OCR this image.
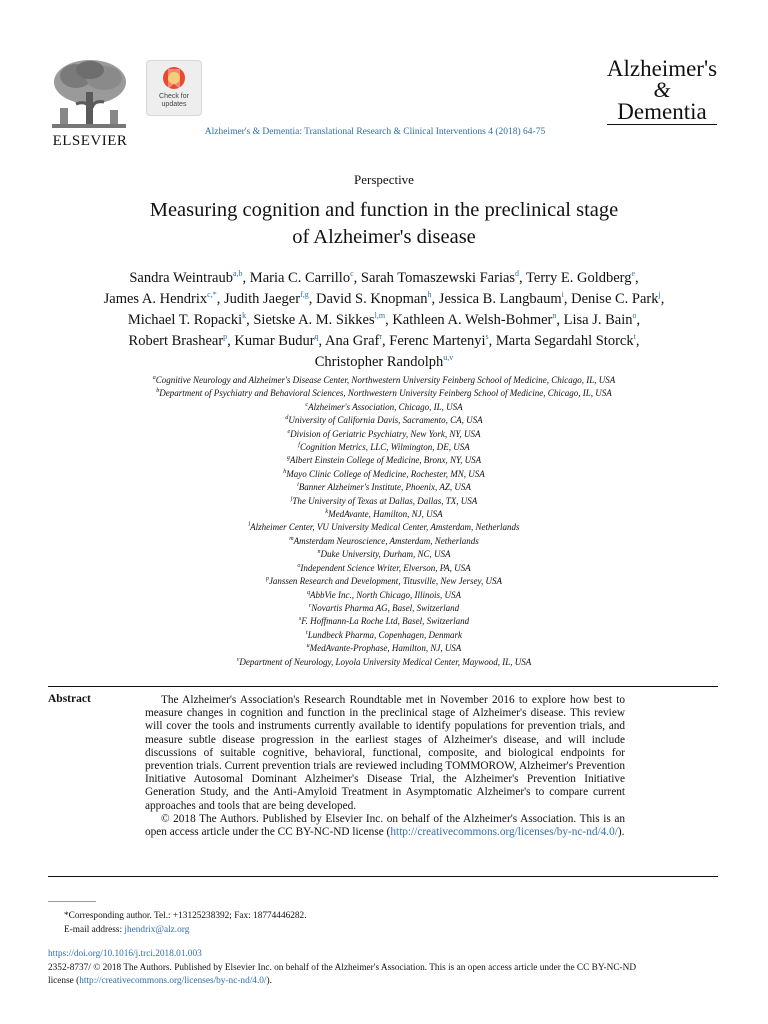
ELSEVIER
Check for updates
Alzheimer's & Dementia: Translational Research & Clinical Interventions 4 (2018) 64-75
Alzheimer's
&
Dementia
Perspective
Measuring cognition and function in the preclinical stage
of Alzheimer's disease
Sandra Weintraub$^{a,b}$, Maria C. Carrillo$^c$, Sarah Tomaszewski Farias$^d$, Terry E. Goldberg$^e$,
James A. Hendrix$^{c,*}$, Judith Jaeger$^{f,g}$, David S. Knopman$^h$, Jessica B. Langbaum$^i$, Denise C. Park$^j$,
Michael T. Ropacki$^k$, Sietske A. M. Sikkes$^{l,m}$, Kathleen A. Welsh-Bohmer$^n$, Lisa J. Bain$^o$,
Robert Brashear$^p$, Kumar Budur$^q$, Ana Graf$^r$, Ferenc Martenyi$^s$, Marta Segardahl Storck$^t$,
Christopher Randolph$^{u,v}$
$^a$Cognitive Neurology and Alzheimer's Disease Center, Northwestern University Feinberg School of Medicine, Chicago, IL, USA
$^b$Department of Psychiatry and Behavioral Sciences, Northwestern University Feinberg School of Medicine, Chicago, IL, USA
$^c$Alzheimer's Association, Chicago, IL, USA
$^d$University of California Davis, Sacramento, CA, USA
$^e$Division of Geriatric Psychiatry, New York, NY, USA
$^f$Cognition Metrics, LLC, Wilmington, DE, USA
$^g$Albert Einstein College of Medicine, Bronx, NY, USA
$^h$Mayo Clinic College of Medicine, Rochester, MN, USA
$^i$Banner Alzheimer's Institute, Phoenix, AZ, USA
$^j$The University of Texas at Dallas, Dallas, TX, USA
$^k$MedAvante, Hamilton, NJ, USA
$^l$Alzheimer Center, VU University Medical Center, Amsterdam, Netherlands
$^m$Amsterdam Neuroscience, Amsterdam, Netherlands
$^n$Duke University, Durham, NC, USA
$^o$Independent Science Writer, Elverson, PA, USA
$^p$Janssen Research and Development, Titusville, New Jersey, USA
$^q$AbbVie Inc., North Chicago, Illinois, USA
$^r$Novartis Pharma AG, Basel, Switzerland
$^s$F. Hoffmann-La Roche Ltd, Basel, Switzerland
$^t$Lundbeck Pharma, Copenhagen, Denmark
$^u$MedAvante-Prophase, Hamilton, NJ, USA
$^v$Department of Neurology, Loyola University Medical Center, Maywood, IL, USA
Abstract	The Alzheimer's Association's Research Roundtable met in November 2016 to explore how best to measure changes in cognition and function in the preclinical stage of Alzheimer's disease. This review will cover the tools and instruments currently available to identify populations for prevention trials, and measure subtle disease progression in the earliest stages of Alzheimer's disease, and will include discussions of suitable cognitive, behavioral, functional, composite, and biological endpoints for prevention trials. Current prevention trials are reviewed including TOMMOROW, Alzheimer's Prevention Initiative Autosomal Dominant Alzheimer's Disease Trial, the Alzheimer's Prevention Initiative Generation Study, and the Anti-Amyloid Treatment in Asymptomatic Alzheimer's to compare current approaches and tools that are being developed.
© 2018 The Authors. Published by Elsevier Inc. on behalf of the Alzheimer's Association. This is an open access article under the CC BY-NC-ND license (http://creativecommons.org/licenses/by-nc-nd/4.0/).
*Corresponding author. Tel.: +13125238392; Fax: 18774446282.
E-mail address: jhendrix@alz.org
https://doi.org/10.1016/j.trci.2018.01.003
2352-8737/ © 2018 The Authors. Published by Elsevier Inc. on behalf of the Alzheimer's Association. This is an open access article under the CC BY-NC-ND
license (http://creativecommons.org/licenses/by-nc-nd/4.0/).
